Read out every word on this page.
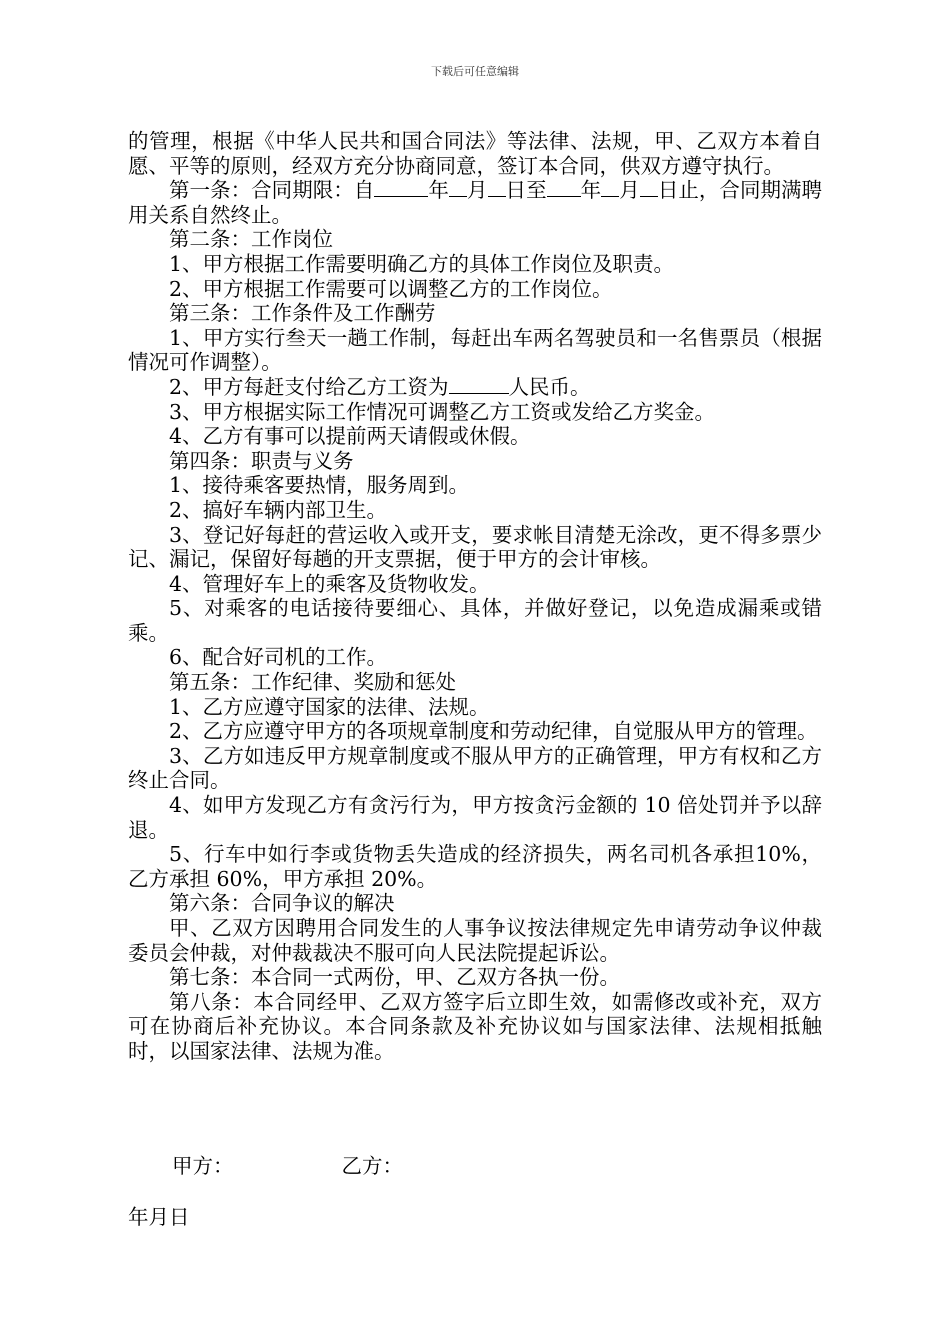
下载后可任意编辑

的管理，根据《中华人民共和国合同法》等法律、法规，甲、乙双方本着自愿、平等的原则，经双方充分协商同意，签订本合同，供双方遵守执行。

第一条：合同期限：自	年 月 日至 年 月 日止，合同期满聘用关系自然终止。

第二条：工作岗位

1、甲方根据工作需要明确乙方的具体工作岗位及职责。

2、甲方根据工作需要可以调整乙方的工作岗位。

第三条：工作条件及工作酬劳

1、甲方实行叁天一趟工作制，每赶出车两名驾驶员和一名售票员（根据情况可作调整）。

2、甲方每赶支付给乙方工资为	人民币。

3、甲方根据实际工作情况可调整乙方工资或发给乙方奖金。

4、乙方有事可以提前两天请假或休假。

第四条：职责与义务

1、接待乘客要热情，服务周到。

2、搞好车辆内部卫生。

3、登记好每赶的营运收入或开支，要求帐目清楚无涂改，更不得多票少记、漏记，保留好每趟的开支票据，便于甲方的会计审核。

4、管理好车上的乘客及货物收发。

5、对乘客的电话接待要细心、具体，并做好登记，以免造成漏乘或错乘。

6、配合好司机的工作。

第五条：工作纪律、奖励和惩处

1、乙方应遵守国家的法律、法规。

2、乙方应遵守甲方的各项规章制度和劳动纪律，自觉服从甲方的管理。

3、乙方如违反甲方规章制度或不服从甲方的正确管理，甲方有权和乙方终止合同。

4、如甲方发现乙方有贪污行为，甲方按贪污金额的 10 倍处罚并予以辞退。

5、行车中如行李或货物丢失造成的经济损失，两名司机各承担10%，乙方承担 60%，甲方承担 20%。

第六条：合同争议的解决

甲、乙双方因聘用合同发生的人事争议按法律规定先申请劳动争议仲裁委员会仲裁，对仲裁裁决不服可向人民法院提起诉讼。

第七条：本合同一式两份，甲、乙双方各执一份。

第八条：本合同经甲、乙双方签字后立即生效，如需修改或补充，双方可在协商后补充协议。本合同条款及补充协议如与国家法律、法规相抵触时，以国家法律、法规为准。

甲方：	乙方：
年月日
